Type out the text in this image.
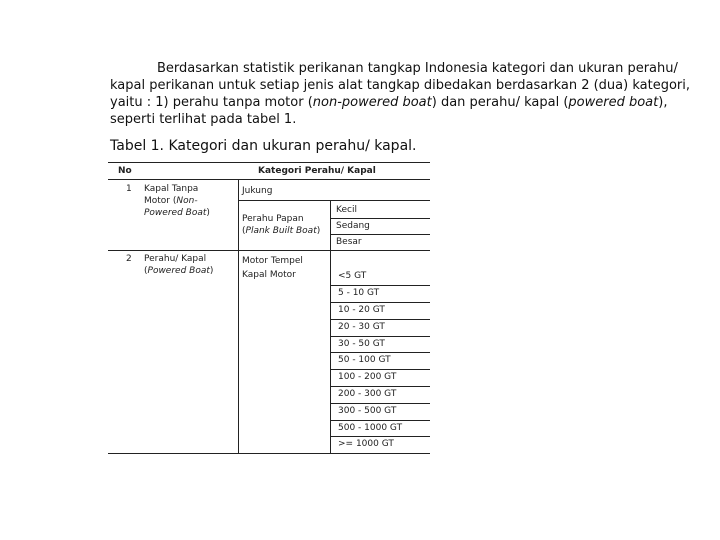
Berdasarkan statistik perikanan tangkap Indonesia kategori dan ukuran perahu/
kapal perikanan untuk setiap jenis alat tangkap dibedakan berdasarkan 2 (dua) kategori,
yaitu : 1) perahu tanpa motor (non-powered boat) dan perahu/ kapal (powered boat),
seperti terlihat pada tabel 1.
Tabel 1. Kategori dan ukuran perahu/ kapal.
No	Kategori Perahu/ Kapal
1 Kapal Tanpa
Motor (Non-
Powered Boat)
Jukung
Perahu Papan
(Plank Built Boat)
Kecil
Sedang
Besar
2 Perahu/ Kapal
(Powered Boat)
Motor Tempel
Kapal Motor	<5 GT
5 - 10 GT
10 - 20 GT
20 - 30 GT
30 - 50 GT
50 - 100 GT
100 - 200 GT
200 - 300 GT
300 - 500 GT
500 - 1000 GT
>= 1000 GT
